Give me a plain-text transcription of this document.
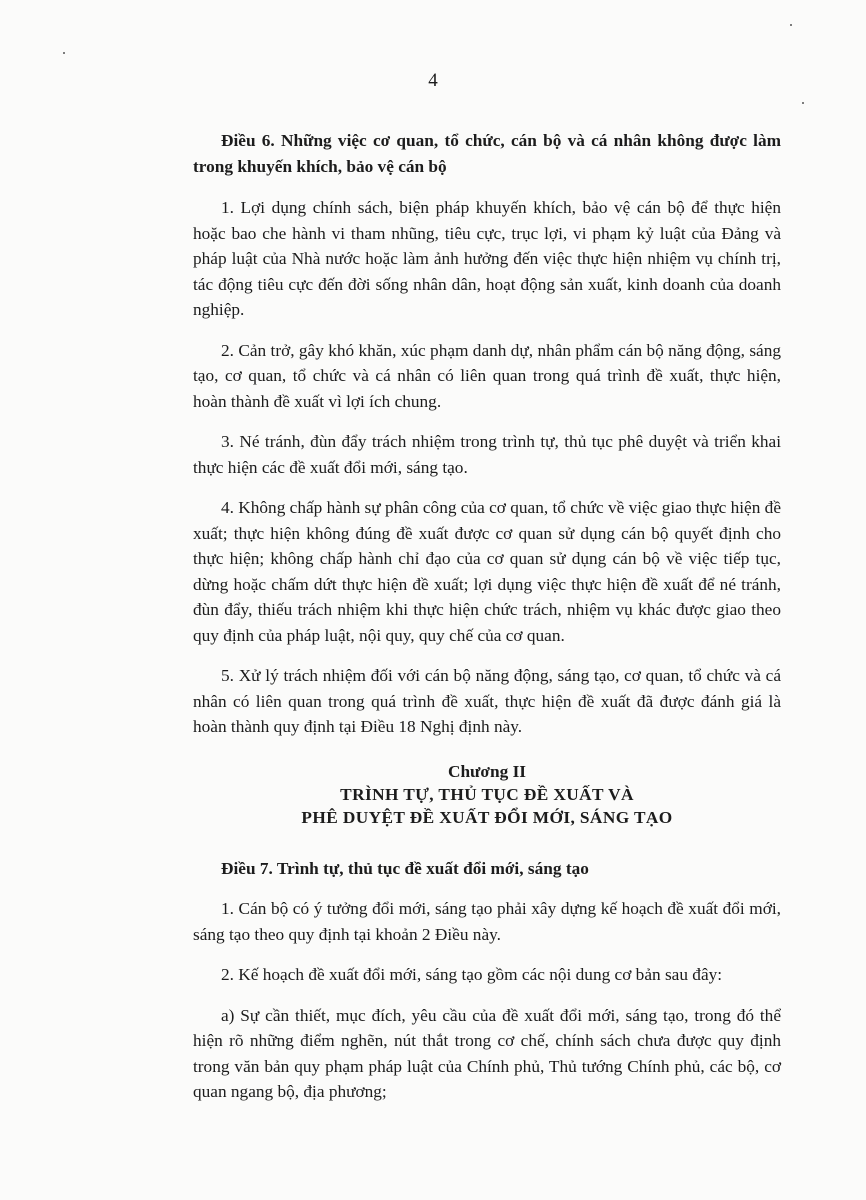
4

Điều 6. Những việc cơ quan, tổ chức, cán bộ và cá nhân không được làm trong khuyến khích, bảo vệ cán bộ

1. Lợi dụng chính sách, biện pháp khuyến khích, bảo vệ cán bộ để thực hiện hoặc bao che hành vi tham nhũng, tiêu cực, trục lợi, vi phạm kỷ luật của Đảng và pháp luật của Nhà nước hoặc làm ảnh hưởng đến việc thực hiện nhiệm vụ chính trị, tác động tiêu cực đến đời sống nhân dân, hoạt động sản xuất, kinh doanh của doanh nghiệp.

2. Cản trở, gây khó khăn, xúc phạm danh dự, nhân phẩm cán bộ năng động, sáng tạo, cơ quan, tổ chức và cá nhân có liên quan trong quá trình đề xuất, thực hiện, hoàn thành đề xuất vì lợi ích chung.

3. Né tránh, đùn đẩy trách nhiệm trong trình tự, thủ tục phê duyệt và triển khai thực hiện các đề xuất đổi mới, sáng tạo.

4. Không chấp hành sự phân công của cơ quan, tổ chức về việc giao thực hiện đề xuất; thực hiện không đúng đề xuất được cơ quan sử dụng cán bộ quyết định cho thực hiện; không chấp hành chỉ đạo của cơ quan sử dụng cán bộ về việc tiếp tục, dừng hoặc chấm dứt thực hiện đề xuất; lợi dụng việc thực hiện đề xuất để né tránh, đùn đẩy, thiếu trách nhiệm khi thực hiện chức trách, nhiệm vụ khác được giao theo quy định của pháp luật, nội quy, quy chế của cơ quan.

5. Xử lý trách nhiệm đối với cán bộ năng động, sáng tạo, cơ quan, tổ chức và cá nhân có liên quan trong quá trình đề xuất, thực hiện đề xuất đã được đánh giá là hoàn thành quy định tại Điều 18 Nghị định này.

Chương II
TRÌNH TỰ, THỦ TỤC ĐỀ XUẤT VÀ
PHÊ DUYỆT ĐỀ XUẤT ĐỔI MỚI, SÁNG TẠO

Điều 7. Trình tự, thủ tục đề xuất đổi mới, sáng tạo

1. Cán bộ có ý tưởng đổi mới, sáng tạo phải xây dựng kế hoạch đề xuất đổi mới, sáng tạo theo quy định tại khoản 2 Điều này.

2. Kế hoạch đề xuất đổi mới, sáng tạo gồm các nội dung cơ bản sau đây:

a) Sự cần thiết, mục đích, yêu cầu của đề xuất đổi mới, sáng tạo, trong đó thể hiện rõ những điểm nghẽn, nút thắt trong cơ chế, chính sách chưa được quy định trong văn bản quy phạm pháp luật của Chính phủ, Thủ tướng Chính phủ, các bộ, cơ quan ngang bộ, địa phương;
